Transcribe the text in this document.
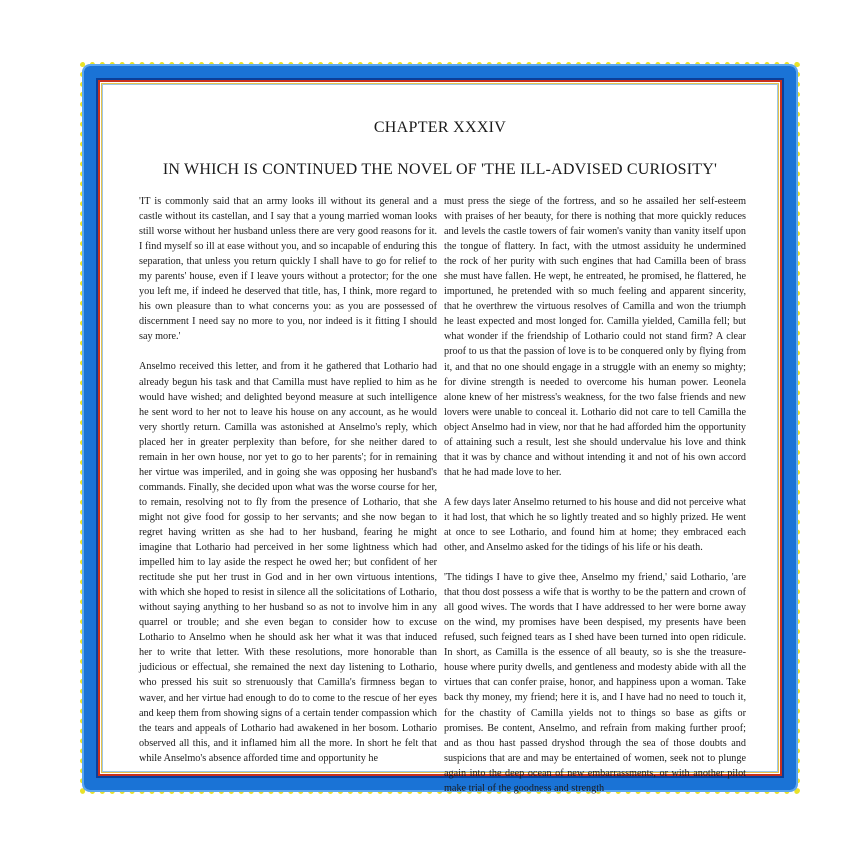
CHAPTER XXXIV
IN WHICH IS CONTINUED THE NOVEL OF 'THE ILL-ADVISED CURIOSITY'

'IT is commonly said that an army looks ill without its general and a castle without its castellan, and I say that a young married woman looks still worse without her husband unless there are very good reasons for it. I find myself so ill at ease without you, and so incapable of enduring this separation, that unless you return quickly I shall have to go for relief to my parents' house, even if I leave yours without a protector; for the one you left me, if indeed he deserved that title, has, I think, more regard to his own pleasure than to what concerns you: as you are possessed of discernment I need say no more to you, nor indeed is it fitting I should say more.'

Anselmo received this letter, and from it he gathered that Lothario had already begun his task and that Camilla must have replied to him as he would have wished; and delighted beyond measure at such intelligence he sent word to her not to leave his house on any account, as he would very shortly return. Camilla was astonished at Anselmo's reply, which placed her in greater perplexity than before, for she neither dared to remain in her own house, nor yet to go to her parents'; for in remaining her virtue was imperiled, and in going she was opposing her husband's commands. Finally, she decided upon what was the worse course for her, to remain, resolving not to fly from the presence of Lothario, that she might not give food for gossip to her servants; and she now began to regret having written as she had to her husband, fearing he might imagine that Lothario had perceived in her some lightness which had impelled him to lay aside the respect he owed her; but confident of her rectitude she put her trust in God and in her own virtuous intentions, with which she hoped to resist in silence all the solicitations of Lothario, without saying anything to her husband so as not to involve him in any quarrel or trouble; and she even began to consider how to excuse Lothario to Anselmo when he should ask her what it was that induced her to write that letter. With these resolutions, more honorable than judicious or effectual, she remained the next day listening to Lothario, who pressed his suit so strenuously that Camilla's firmness began to waver, and her virtue had enough to do to come to the rescue of her eyes and keep them from showing signs of a certain tender compassion which the tears and appeals of Lothario had awakened in her bosom. Lothario observed all this, and it inflamed him all the more. In short he felt that while Anselmo's absence afforded time and opportunity he

must press the siege of the fortress, and so he assailed her self-esteem with praises of her beauty, for there is nothing that more quickly reduces and levels the castle towers of fair women's vanity than vanity itself upon the tongue of flattery. In fact, with the utmost assiduity he undermined the rock of her purity with such engines that had Camilla been of brass she must have fallen. He wept, he entreated, he promised, he flattered, he importuned, he pretended with so much feeling and apparent sincerity, that he overthrew the virtuous resolves of Camilla and won the triumph he least expected and most longed for. Camilla yielded, Camilla fell; but what wonder if the friendship of Lothario could not stand firm? A clear proof to us that the passion of love is to be conquered only by flying from it, and that no one should engage in a struggle with an enemy so mighty; for divine strength is needed to overcome his human power. Leonela alone knew of her mistress's weakness, for the two false friends and new lovers were unable to conceal it. Lothario did not care to tell Camilla the object Anselmo had in view, nor that he had afforded him the opportunity of attaining such a result, lest she should undervalue his love and think that it was by chance and without intending it and not of his own accord that he had made love to her.

A few days later Anselmo returned to his house and did not perceive what it had lost, that which he so lightly treated and so highly prized. He went at once to see Lothario, and found him at home; they embraced each other, and Anselmo asked for the tidings of his life or his death.

'The tidings I have to give thee, Anselmo my friend,' said Lothario, 'are that thou dost possess a wife that is worthy to be the pattern and crown of all good wives. The words that I have addressed to her were borne away on the wind, my promises have been despised, my presents have been refused, such feigned tears as I shed have been turned into open ridicule. In short, as Camilla is the essence of all beauty, so is she the treasure-house where purity dwells, and gentleness and modesty abide with all the virtues that can confer praise, honor, and happiness upon a woman. Take back thy money, my friend; here it is, and I have had no need to touch it, for the chastity of Camilla yields not to things so base as gifts or promises. Be content, Anselmo, and refrain from making further proof; and as thou hast passed dryshod through the sea of those doubts and suspicions that are and may be entertained of women, seek not to plunge again into the deep ocean of new embarrassments, or with another pilot make trial of the goodness and strength
